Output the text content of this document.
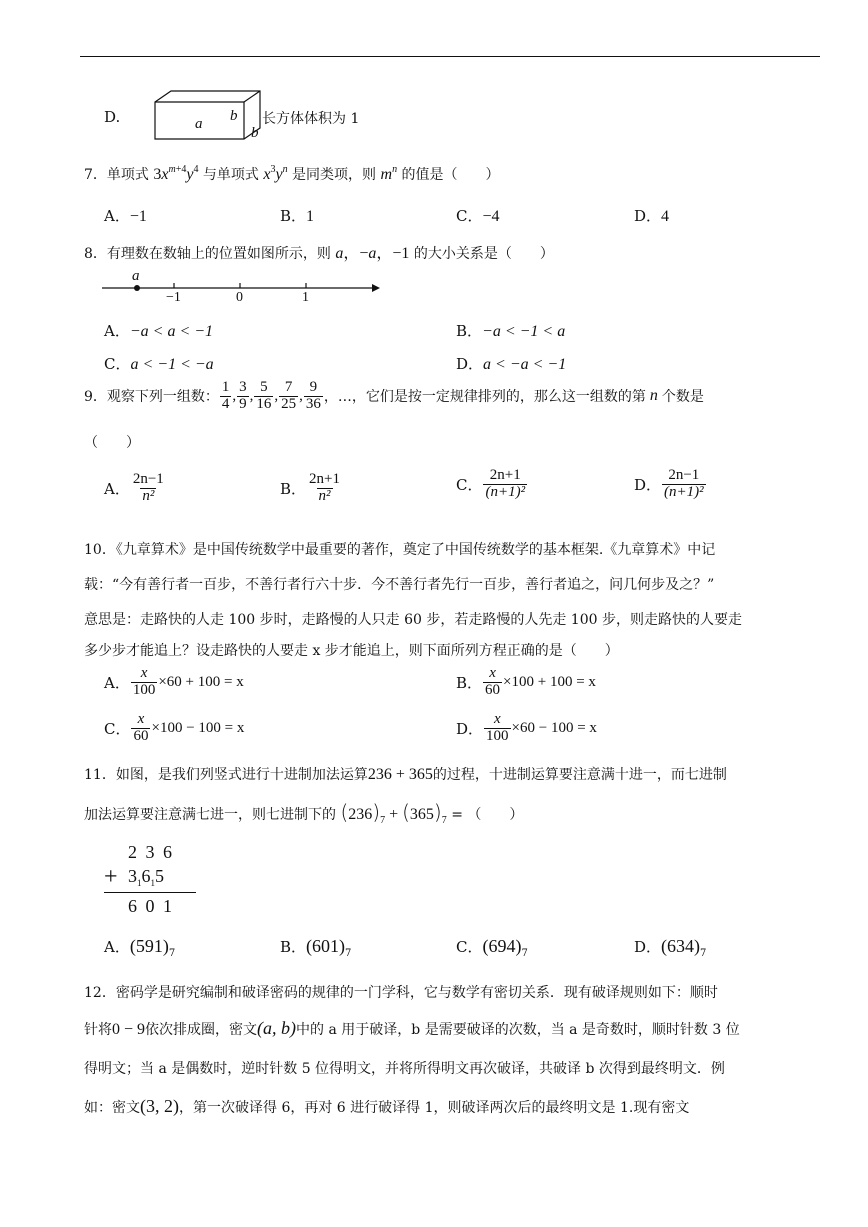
D.	a b
b
长方体体积为 1
7．单项式 $3x^{m+4}y^4$ 与单项式 $x^3y^n$ 是同类项，则 $m^n$ 的值是（　　）
A．−1	B．1	C．−4	D．4
8．有理数在数轴上的位置如图所示，则 a，−a，−1 的大小关系是（　　）
a
−1	0	1
A．−a < a < −1	B．−a < −1 < a
C．a < −1 < −a	D．a < −a < −1
9． 观察下列一组数： $\frac{1}{4}$ , $\frac{3}{9}$ , $\frac{5}{16}$ , $\frac{7}{25}$ , $\frac{9}{36}$ ，…，它们是按一定规律排列的，那么这一组数的第 n 个数是
（　　）
A． $\frac{2n-1}{\text{n²}}$	B． $\frac{2n+1}{\text{n²}}$	C． $\frac{2n+1}{\text{(n+1)²}}$	D． $\frac{2n-1}{\text{(n+1)²}}$
10．《九章算术》是中国传统数学中最重要的著作，奠定了中国传统数学的基本框架.《九章算术》中记
载：“今有善行者一百步，不善行者行六十步．今不善行者先行一百步，善行者追之，问几何步及之？”
意思是：走路快的人走 100 步时，走路慢的人只走 60 步，若走路慢的人先走 100 步，则走路快的人要走
多少步才能追上？设走路快的人要走 x 步才能追上，则下面所列方程正确的是（　　）
A． $\frac{x}{100} \times 60 + 100 = x$	B． $\frac{x}{60} \times 100 + 100 = x$
C． $\frac{x}{60} \times 100 - 100 = x$	D． $\frac{x}{100} \times 60 - 100 = x$
11．如图，是我们列竖式进行十进制加法运算236 + 365的过程，十进制运算要注意满十进一，而七进制
加法运算要注意满七进一，则七进制下的 $(236)_7 + (365)_7$ = （　　）
2 3 6
+ $3_16_15$
6 0 1
A．$(591)_7$	B．$(601)_7$	C．$(694)_7$	D．$(634)_7$
12．密码学是研究编制和破译密码的规律的一门学科，它与数学有密切关系．现有破译规则如下：顺时
针将0 − 9依次排成圈，密文(a, b)中的 a 用于破译，b 是需要破译的次数，当 a 是奇数时，顺时针数 3 位
得明文；当 a 是偶数时，逆时针数 5 位得明文，并将所得明文再次破译，共破译 b 次得到最终明文．例
如：密文(3, 2)，第一次破译得 6，再对 6 进行破译得 1，则破译两次后的最终明文是 1.现有密文
